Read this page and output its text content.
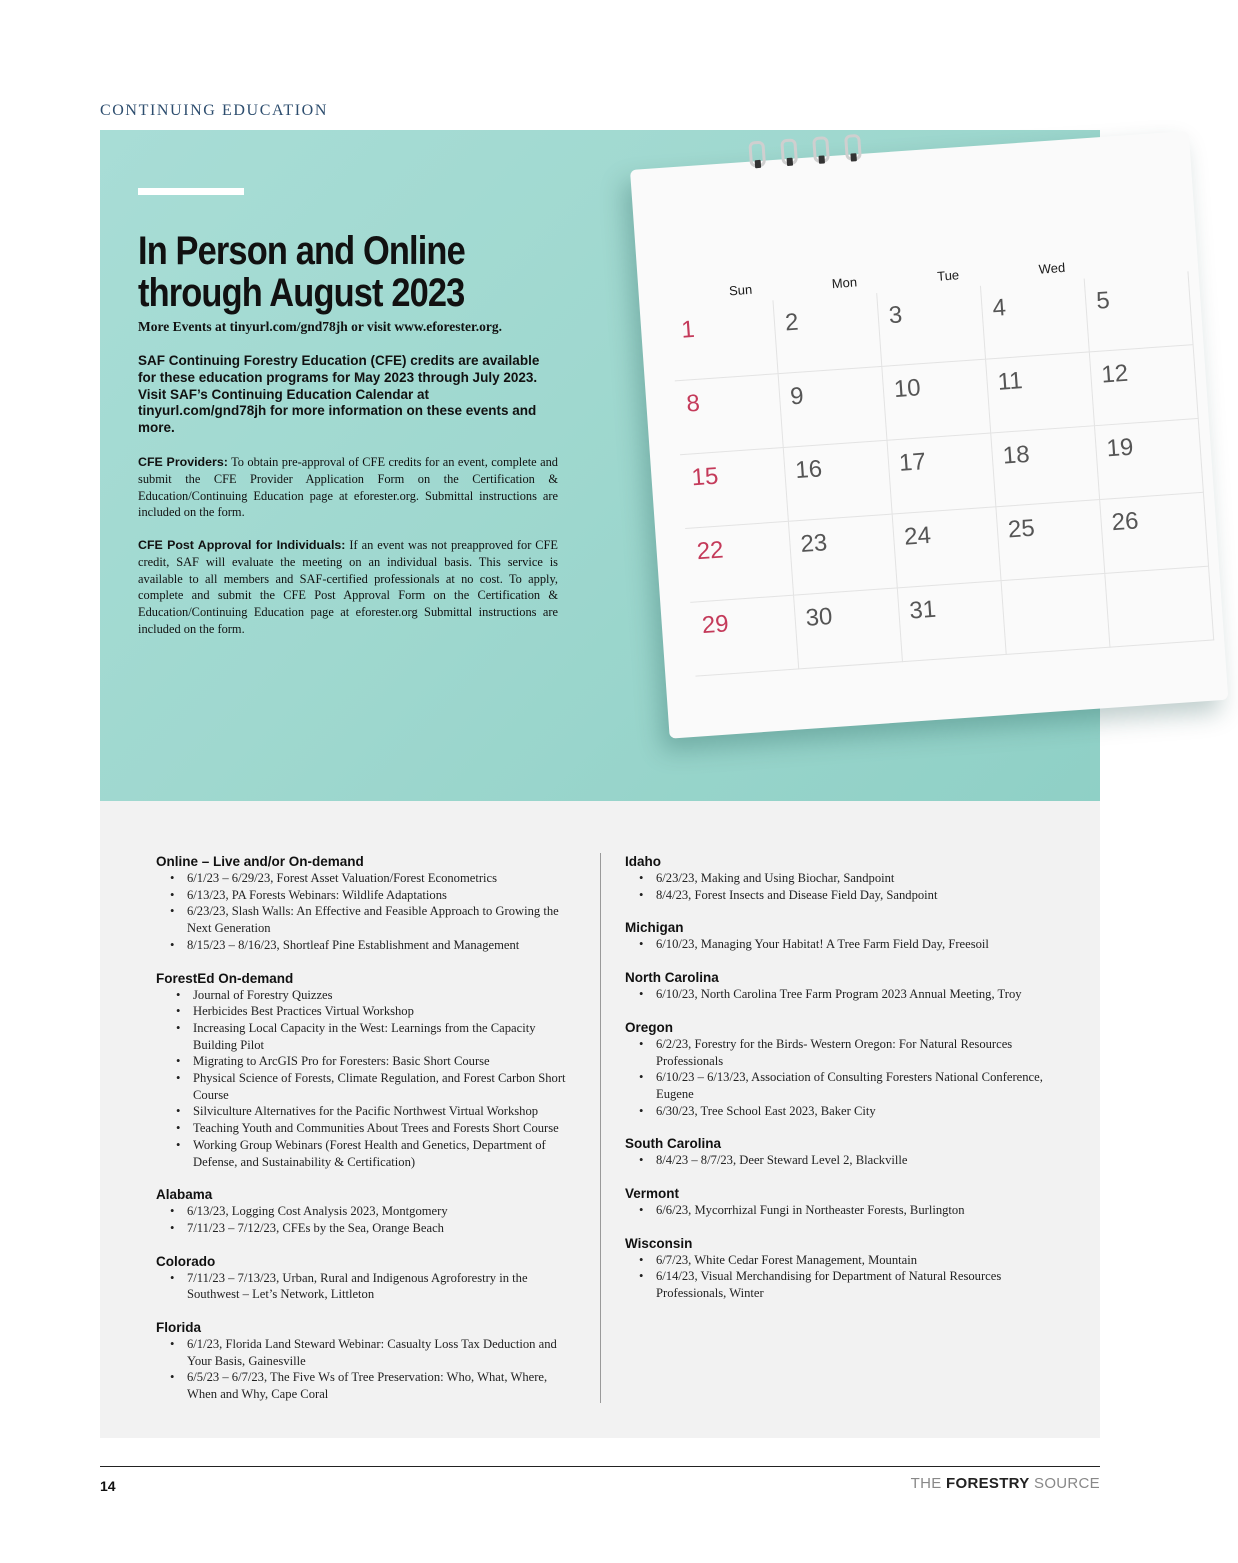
CONTINUING EDUCATION
In Person and Online
through August 2023
More Events at tinyurl.com/gnd78jh or visit www.eforester.org.
SAF Continuing Forestry Education (CFE) credits are available for these education programs for May 2023 through July 2023. Visit SAF’s Continuing Education Calendar at tinyurl.com/gnd78jh for more information on these events and more.

CFE Providers: To obtain pre-approval of CFE credits for an event, complete and submit the CFE Provider Application Form on the Certification & Education/Continuing Education page at eforester.org. Submittal instructions are included on the form.

CFE Post Approval for Individuals: If an event was not preapproved for CFE credit, SAF will evaluate the meeting on an individual basis. This service is available to all members and SAF-certified professionals at no cost. To apply, complete and submit the CFE Post Approval Form on the Certification & Education/Continuing Education page at eforester.org Submittal instructions are included on the form.

Sun	Mon	Tue	Wed
1	2	3	4	5
8	9	10	11	12
15	16	17	18	19
22	23	24	25	26
29	30	31
Online – Live and/or On-demand
• 6/1/23 – 6/29/23, Forest Asset Valuation/Forest Econometrics
• 6/13/23, PA Forests Webinars: Wildlife Adaptations
• 6/23/23, Slash Walls: An Effective and Feasible Approach to Growing the Next Generation
• 8/15/23 – 8/16/23, Shortleaf Pine Establishment and Management
ForestEd On-demand
• Journal of Forestry Quizzes
• Herbicides Best Practices Virtual Workshop
• Increasing Local Capacity in the West: Learnings from the Capacity Building Pilot
• Migrating to ArcGIS Pro for Foresters: Basic Short Course
• Physical Science of Forests, Climate Regulation, and Forest Carbon Short Course
• Silviculture Alternatives for the Pacific Northwest Virtual Workshop
• Teaching Youth and Communities About Trees and Forests Short Course
• Working Group Webinars (Forest Health and Genetics, Department of Defense, and Sustainability & Certification)
Alabama
• 6/13/23, Logging Cost Analysis 2023, Montgomery
• 7/11/23 – 7/12/23, CFEs by the Sea, Orange Beach
Colorado
• 7/11/23 – 7/13/23, Urban, Rural and Indigenous Agroforestry in the Southwest – Let’s Network, Littleton
Florida
• 6/1/23, Florida Land Steward Webinar: Casualty Loss Tax Deduction and Your Basis, Gainesville
• 6/5/23 – 6/7/23, The Five Ws of Tree Preservation: Who, What, Where, When and Why, Cape Coral
Idaho
• 6/23/23, Making and Using Biochar, Sandpoint
• 8/4/23, Forest Insects and Disease Field Day, Sandpoint
Michigan
• 6/10/23, Managing Your Habitat! A Tree Farm Field Day, Freesoil
North Carolina
• 6/10/23, North Carolina Tree Farm Program 2023 Annual Meeting, Troy
Oregon
• 6/2/23, Forestry for the Birds- Western Oregon: For Natural Resources Professionals
• 6/10/23 – 6/13/23, Association of Consulting Foresters National Conference, Eugene
• 6/30/23, Tree School East 2023, Baker City
South Carolina
• 8/4/23 – 8/7/23, Deer Steward Level 2, Blackville
Vermont
• 6/6/23, Mycorrhizal Fungi in Northeaster Forests, Burlington
Wisconsin
• 6/7/23, White Cedar Forest Management, Mountain
• 6/14/23, Visual Merchandising for Department of Natural Resources Professionals, Winter
14	THE FORESTRY SOURCE
